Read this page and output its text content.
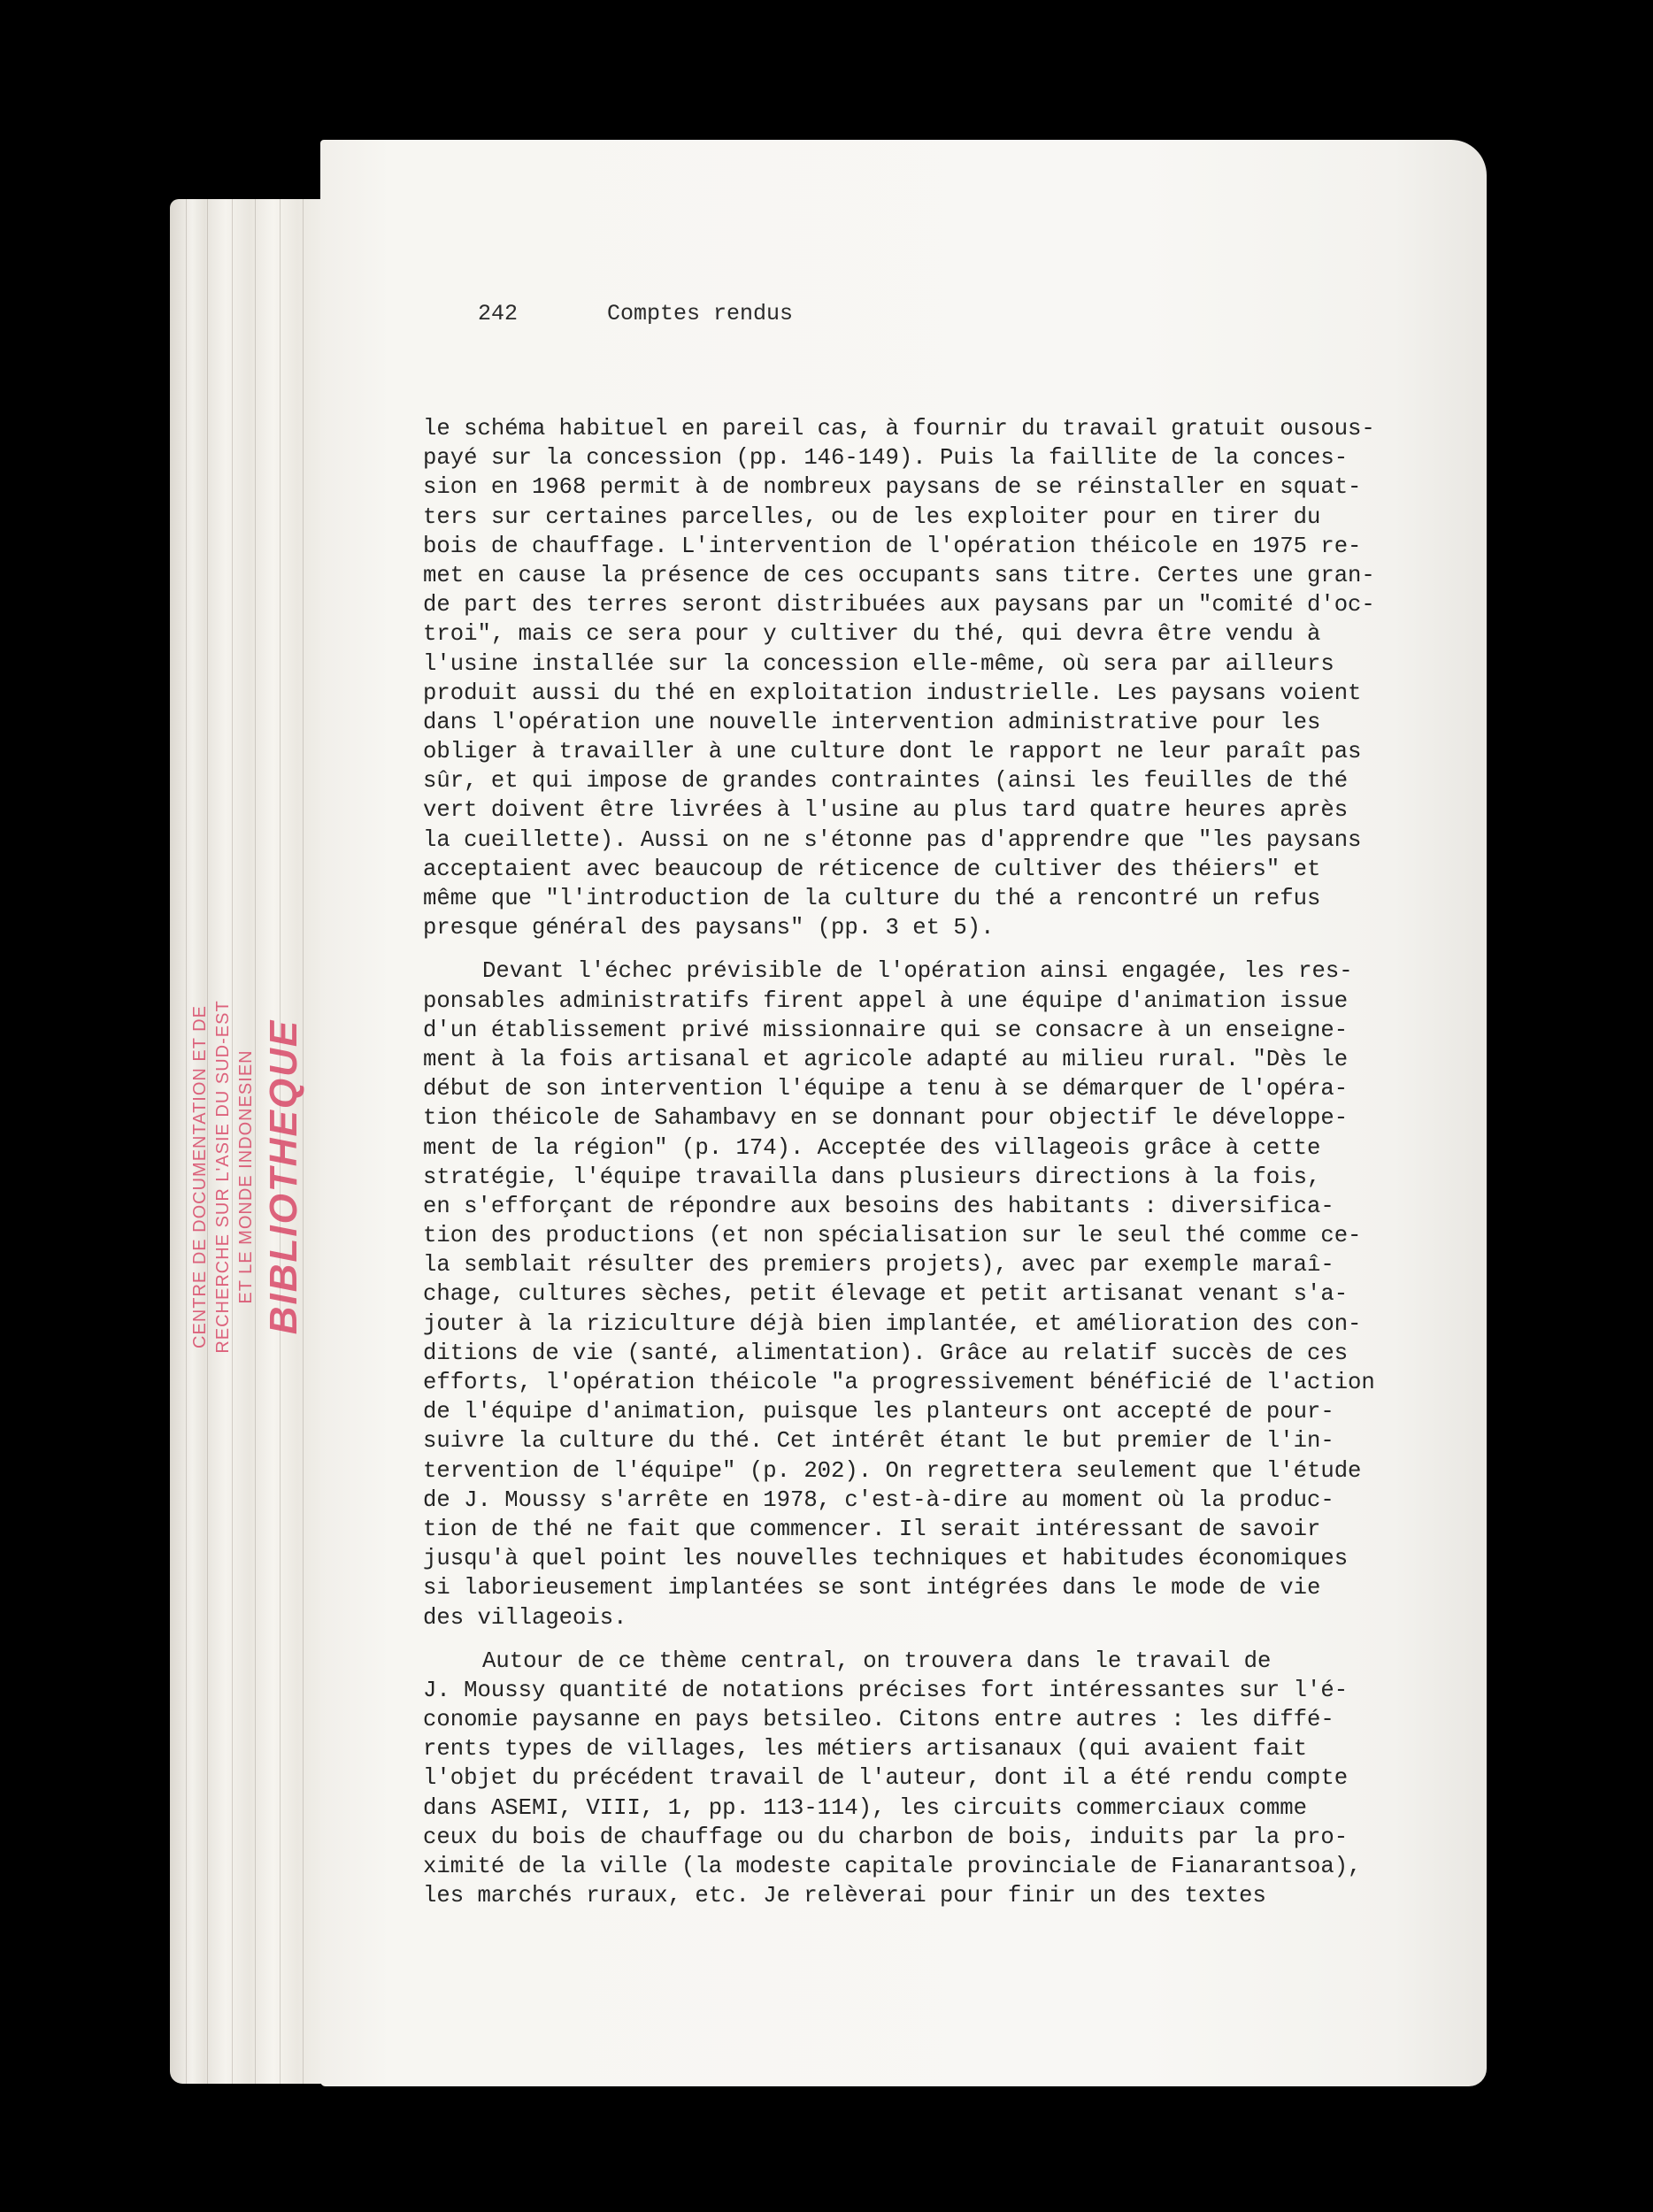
CENTRE DE DOCUMENTATION ET DE RECHERCHE SUR L'ASIE DU SUD-EST ET LE MONDE INDONESIEN BIBLIOTHEQUE
242	Comptes rendus
le schéma habituel en pareil cas, à fournir du travail gratuit ousous-
payé sur la concession (pp. 146-149). Puis la faillite de la conces-
sion en 1968 permit à de nombreux paysans de se réinstaller en squat-
ters sur certaines parcelles, ou de les exploiter pour en tirer du
bois de chauffage. L'intervention de l'opération théicole en 1975 re-
met en cause la présence de ces occupants sans titre. Certes une gran-
de part des terres seront distribuées aux paysans par un "comité d'oc-
troi", mais ce sera pour y cultiver du thé, qui devra être vendu à
l'usine installée sur la concession elle-même, où sera par ailleurs
produit aussi du thé en exploitation industrielle. Les paysans voient
dans l'opération une nouvelle intervention administrative pour les
obliger à travailler à une culture dont le rapport ne leur paraît pas
sûr, et qui impose de grandes contraintes (ainsi les feuilles de thé
vert doivent être livrées à l'usine au plus tard quatre heures après
la cueillette). Aussi on ne s'étonne pas d'apprendre que "les paysans
acceptaient avec beaucoup de réticence de cultiver des théiers" et
même que "l'introduction de la culture du thé a rencontré un refus
presque général des paysans" (pp. 3 et 5).
Devant l'échec prévisible de l'opération ainsi engagée, les res-
ponsables administratifs firent appel à une équipe d'animation issue
d'un établissement privé missionnaire qui se consacre à un enseigne-
ment à la fois artisanal et agricole adapté au milieu rural. "Dès le
début de son intervention l'équipe a tenu à se démarquer de l'opéra-
tion théicole de Sahambavy en se donnant pour objectif le développe-
ment de la région" (p. 174). Acceptée des villageois grâce à cette
stratégie, l'équipe travailla dans plusieurs directions à la fois,
en s'efforçant de répondre aux besoins des habitants : diversifica-
tion des productions (et non spécialisation sur le seul thé comme ce-
la semblait résulter des premiers projets), avec par exemple maraî-
chage, cultures sèches, petit élevage et petit artisanat venant s'a-
jouter à la riziculture déjà bien implantée, et amélioration des con-
ditions de vie (santé, alimentation). Grâce au relatif succès de ces
efforts, l'opération théicole "a progressivement bénéficié de l'action
de l'équipe d'animation, puisque les planteurs ont accepté de pour-
suivre la culture du thé. Cet intérêt étant le but premier de l'in-
tervention de l'équipe" (p. 202). On regrettera seulement que l'étude
de J. Moussy s'arrête en 1978, c'est-à-dire au moment où la produc-
tion de thé ne fait que commencer. Il serait intéressant de savoir
jusqu'à quel point les nouvelles techniques et habitudes économiques
si laborieusement implantées se sont intégrées dans le mode de vie
des villageois.
Autour de ce thème central, on trouvera dans le travail de
J. Moussy quantité de notations précises fort intéressantes sur l'é-
conomie paysanne en pays betsileo. Citons entre autres : les diffé-
rents types de villages, les métiers artisanaux (qui avaient fait
l'objet du précédent travail de l'auteur, dont il a été rendu compte
dans ASEMI, VIII, 1, pp. 113-114), les circuits commerciaux comme
ceux du bois de chauffage ou du charbon de bois, induits par la pro-
ximité de la ville (la modeste capitale provinciale de Fianarantsoa),
les marchés ruraux, etc. Je relèverai pour finir un des textes
